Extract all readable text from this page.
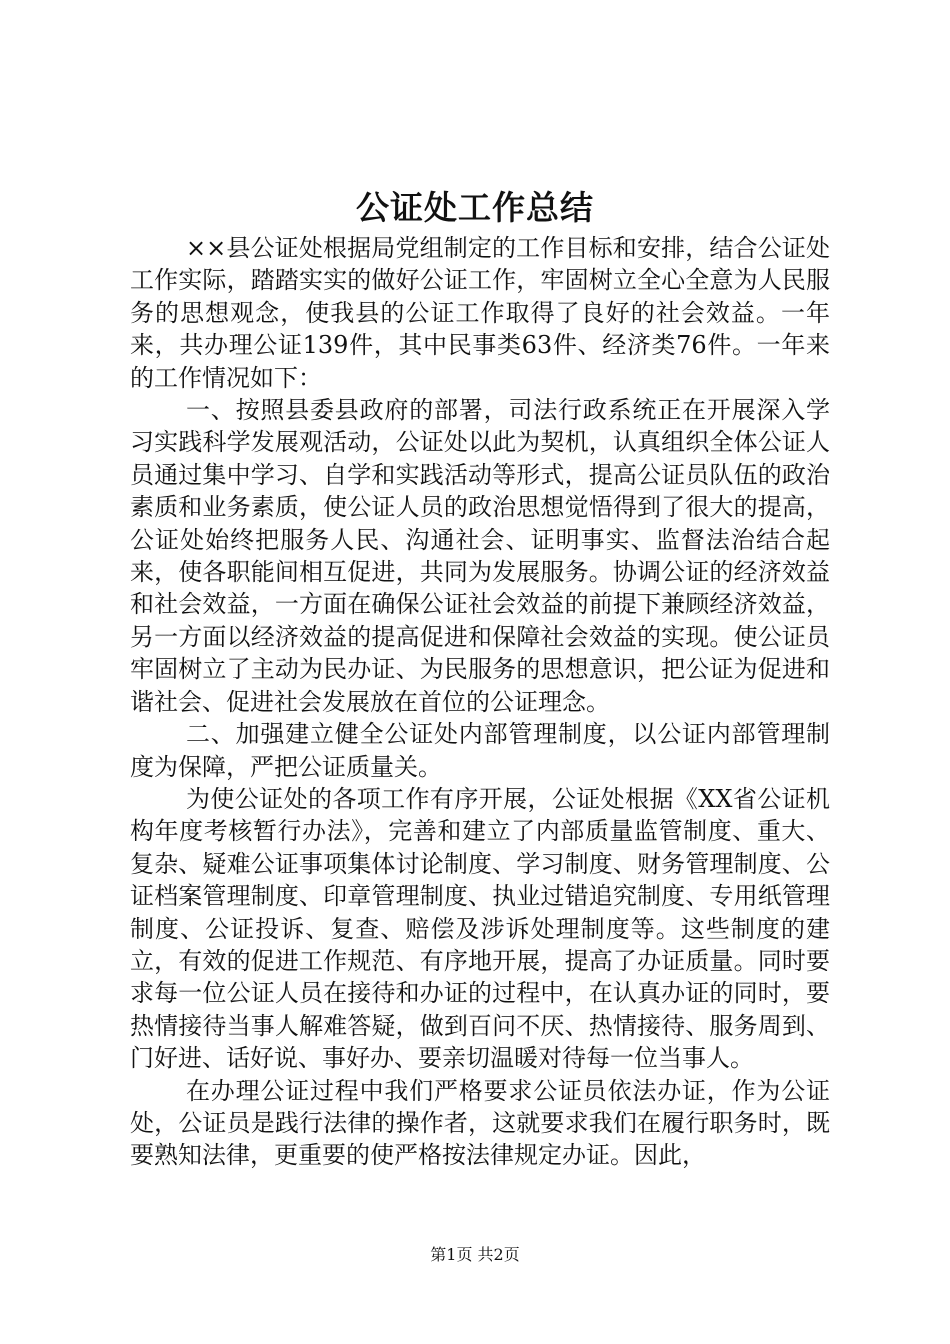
公证处工作总结

××县公证处根据局党组制定的工作目标和安排，结合公证处工作实际，踏踏实实的做好公证工作，牢固树立全心全意为人民服务的思想观念，使我县的公证工作取得了良好的社会效益。一年来，共办理公证139件，其中民事类63件、经济类76件。一年来的工作情况如下：

一、按照县委县政府的部署，司法行政系统正在开展深入学习实践科学发展观活动，公证处以此为契机，认真组织全体公证人员通过集中学习、自学和实践活动等形式，提高公证员队伍的政治素质和业务素质，使公证人员的政治思想觉悟得到了很大的提高，公证处始终把服务人民、沟通社会、证明事实、监督法治结合起来，使各职能间相互促进，共同为发展服务。协调公证的经济效益和社会效益，一方面在确保公证社会效益的前提下兼顾经济效益，另一方面以经济效益的提高促进和保障社会效益的实现。使公证员牢固树立了主动为民办证、为民服务的思想意识，把公证为促进和谐社会、促进社会发展放在首位的公证理念。

二、加强建立健全公证处内部管理制度，以公证内部管理制度为保障，严把公证质量关。

为使公证处的各项工作有序开展，公证处根据《XX省公证机构年度考核暂行办法》，完善和建立了内部质量监管制度、重大、复杂、疑难公证事项集体讨论制度、学习制度、财务管理制度、公证档案管理制度、印章管理制度、执业过错追究制度、专用纸管理制度、公证投诉、复查、赔偿及涉诉处理制度等。这些制度的建立，有效的促进工作规范、有序地开展，提高了办证质量。同时要求每一位公证人员在接待和办证的过程中，在认真办证的同时，要热情接待当事人解难答疑，做到百问不厌、热情接待、服务周到、门好进、话好说、事好办、要亲切温暖对待每一位当事人。

在办理公证过程中我们严格要求公证员依法办证，作为公证处，公证员是践行法律的操作者，这就要求我们在履行职务时，既要熟知法律，更重要的使严格按法律规定办证。因此，

第1页 共2页
